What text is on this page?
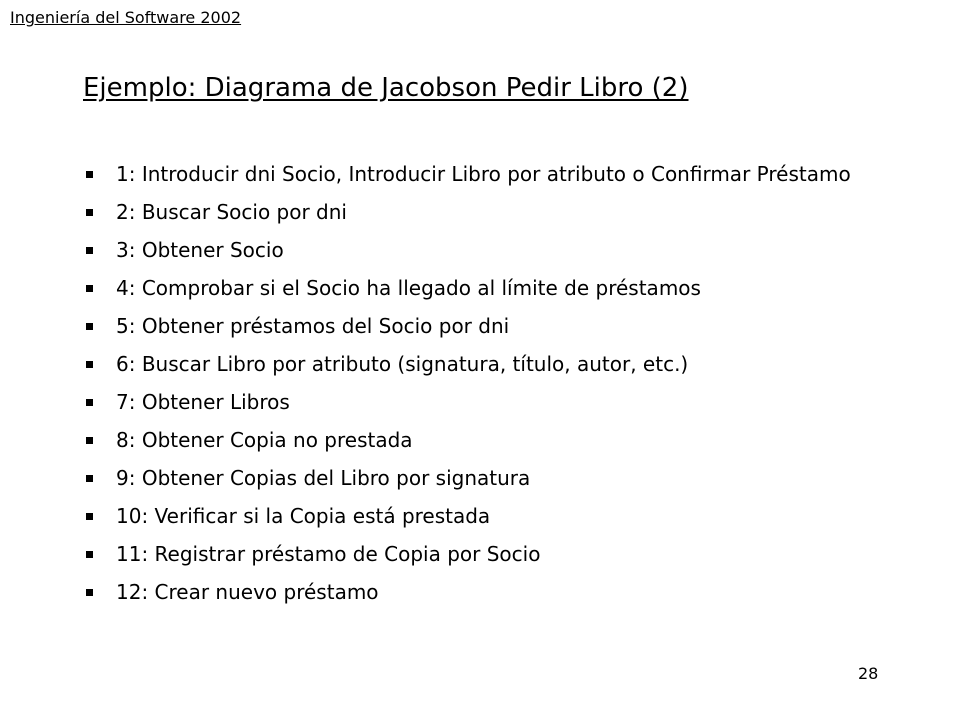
Ingeniería del Software 2002
Ejemplo: Diagrama de Jacobson Pedir Libro (2)
1: Introducir dni Socio, Introducir Libro por atributo o Confirmar Préstamo
2: Buscar Socio por dni
3: Obtener Socio
4: Comprobar si el Socio ha llegado al límite de préstamos
5: Obtener préstamos del Socio por dni
6: Buscar Libro por atributo (signatura, título, autor, etc.)
7: Obtener Libros
8: Obtener Copia no prestada
9: Obtener Copias del Libro por signatura
10: Verificar si la Copia está prestada
11: Registrar préstamo de Copia por Socio
12: Crear nuevo préstamo
28
